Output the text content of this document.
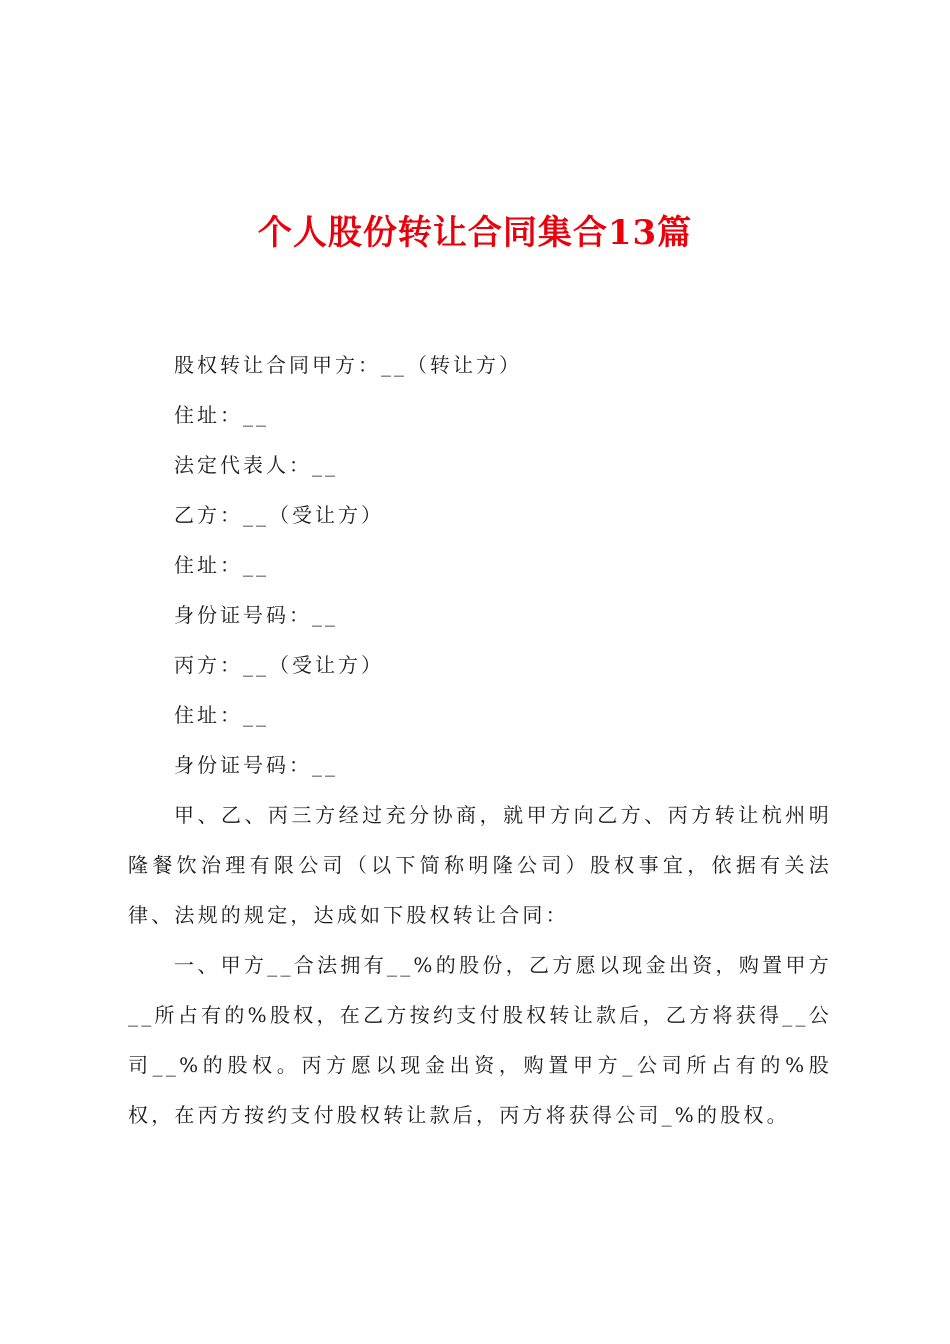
个人股份转让合同集合13篇

股权转让合同甲方：__（转让方）

住址：__

法定代表人：__

乙方：__（受让方）

住址：__

身份证号码：__

丙方：__（受让方）

住址：__

身份证号码：__

甲、乙、丙三方经过充分协商，就甲方向乙方、丙方转让杭州明隆餐饮治理有限公司（以下简称明隆公司）股权事宜，依据有关法律、法规的规定，达成如下股权转让合同：

一、甲方__合法拥有__%的股份，乙方愿以现金出资，购置甲方__所占有的%股权，在乙方按约支付股权转让款后，乙方将获得__公司__%的股权。丙方愿以现金出资，购置甲方_公司所占有的%股权，在丙方按约支付股权转让款后，丙方将获得公司_%的股权。
